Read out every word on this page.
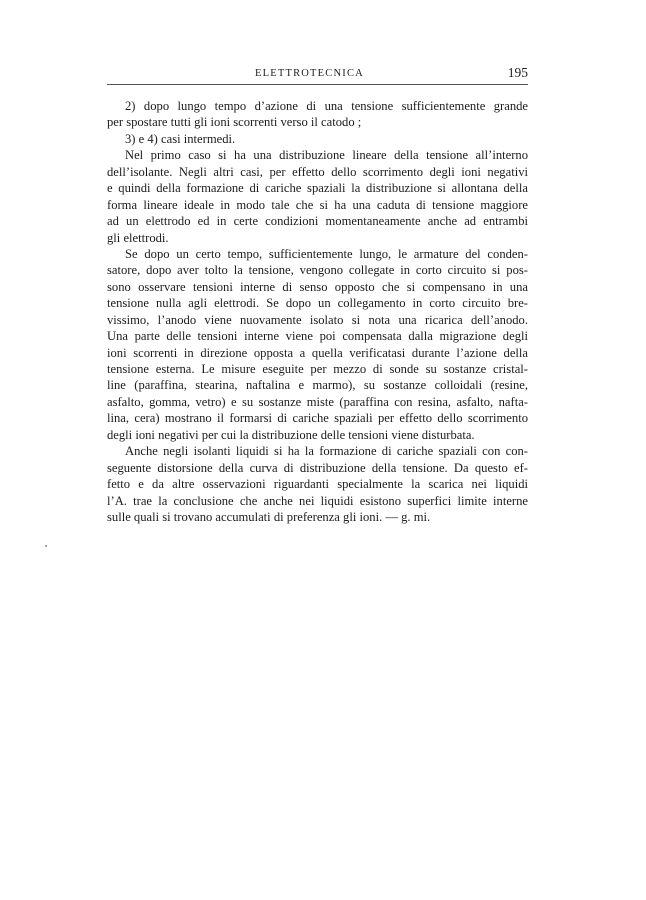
ELETTROTECNICA	195
2) dopo lungo tempo d’azione di una tensione sufficientemente grande
per spostare tutti gli ioni scorrenti verso il catodo ;
3) e 4) casi intermedi.
Nel primo caso si ha una distribuzione lineare della tensione all’interno
dell’isolante. Negli altri casi, per effetto dello scorrimento degli ioni negativi
e quindi della formazione di cariche spaziali la distribuzione si allontana della
forma lineare ideale in modo tale che si ha una caduta di tensione maggiore
ad un elettrodo ed in certe condizioni momentaneamente anche ad entrambi
gli elettrodi.
Se dopo un certo tempo, sufficientemente lungo, le armature del conden-
satore, dopo aver tolto la tensione, vengono collegate in corto circuito si pos-
sono osservare tensioni interne di senso opposto che si compensano in una
tensione nulla agli elettrodi. Se dopo un collegamento in corto circuito bre-
vissimo, l’anodo viene nuovamente isolato si nota una ricarica dell’anodo.
Una parte delle tensioni interne viene poi compensata dalla migrazione degli
ioni scorrenti in direzione opposta a quella verificatasi durante l’azione della
tensione esterna. Le misure eseguite per mezzo di sonde su sostanze cristal-
line (paraffina, stearina, naftalina e marmo), su sostanze colloidali (resine,
asfalto, gomma, vetro) e su sostanze miste (paraffina con resina, asfalto, nafta-
lina, cera) mostrano il formarsi di cariche spaziali per effetto dello scorrimento
degli ioni negativi per cui la distribuzione delle tensioni viene disturbata.
Anche negli isolanti liquidi si ha la formazione di cariche spaziali con con-
seguente distorsione della curva di distribuzione della tensione. Da questo ef-
fetto e da altre osservazioni riguardanti specialmente la scarica nei liquidi
l’A. trae la conclusione che anche nei liquidi esistono superfici limite interne
sulle quali si trovano accumulati di preferenza gli ioni. — g. mi.
